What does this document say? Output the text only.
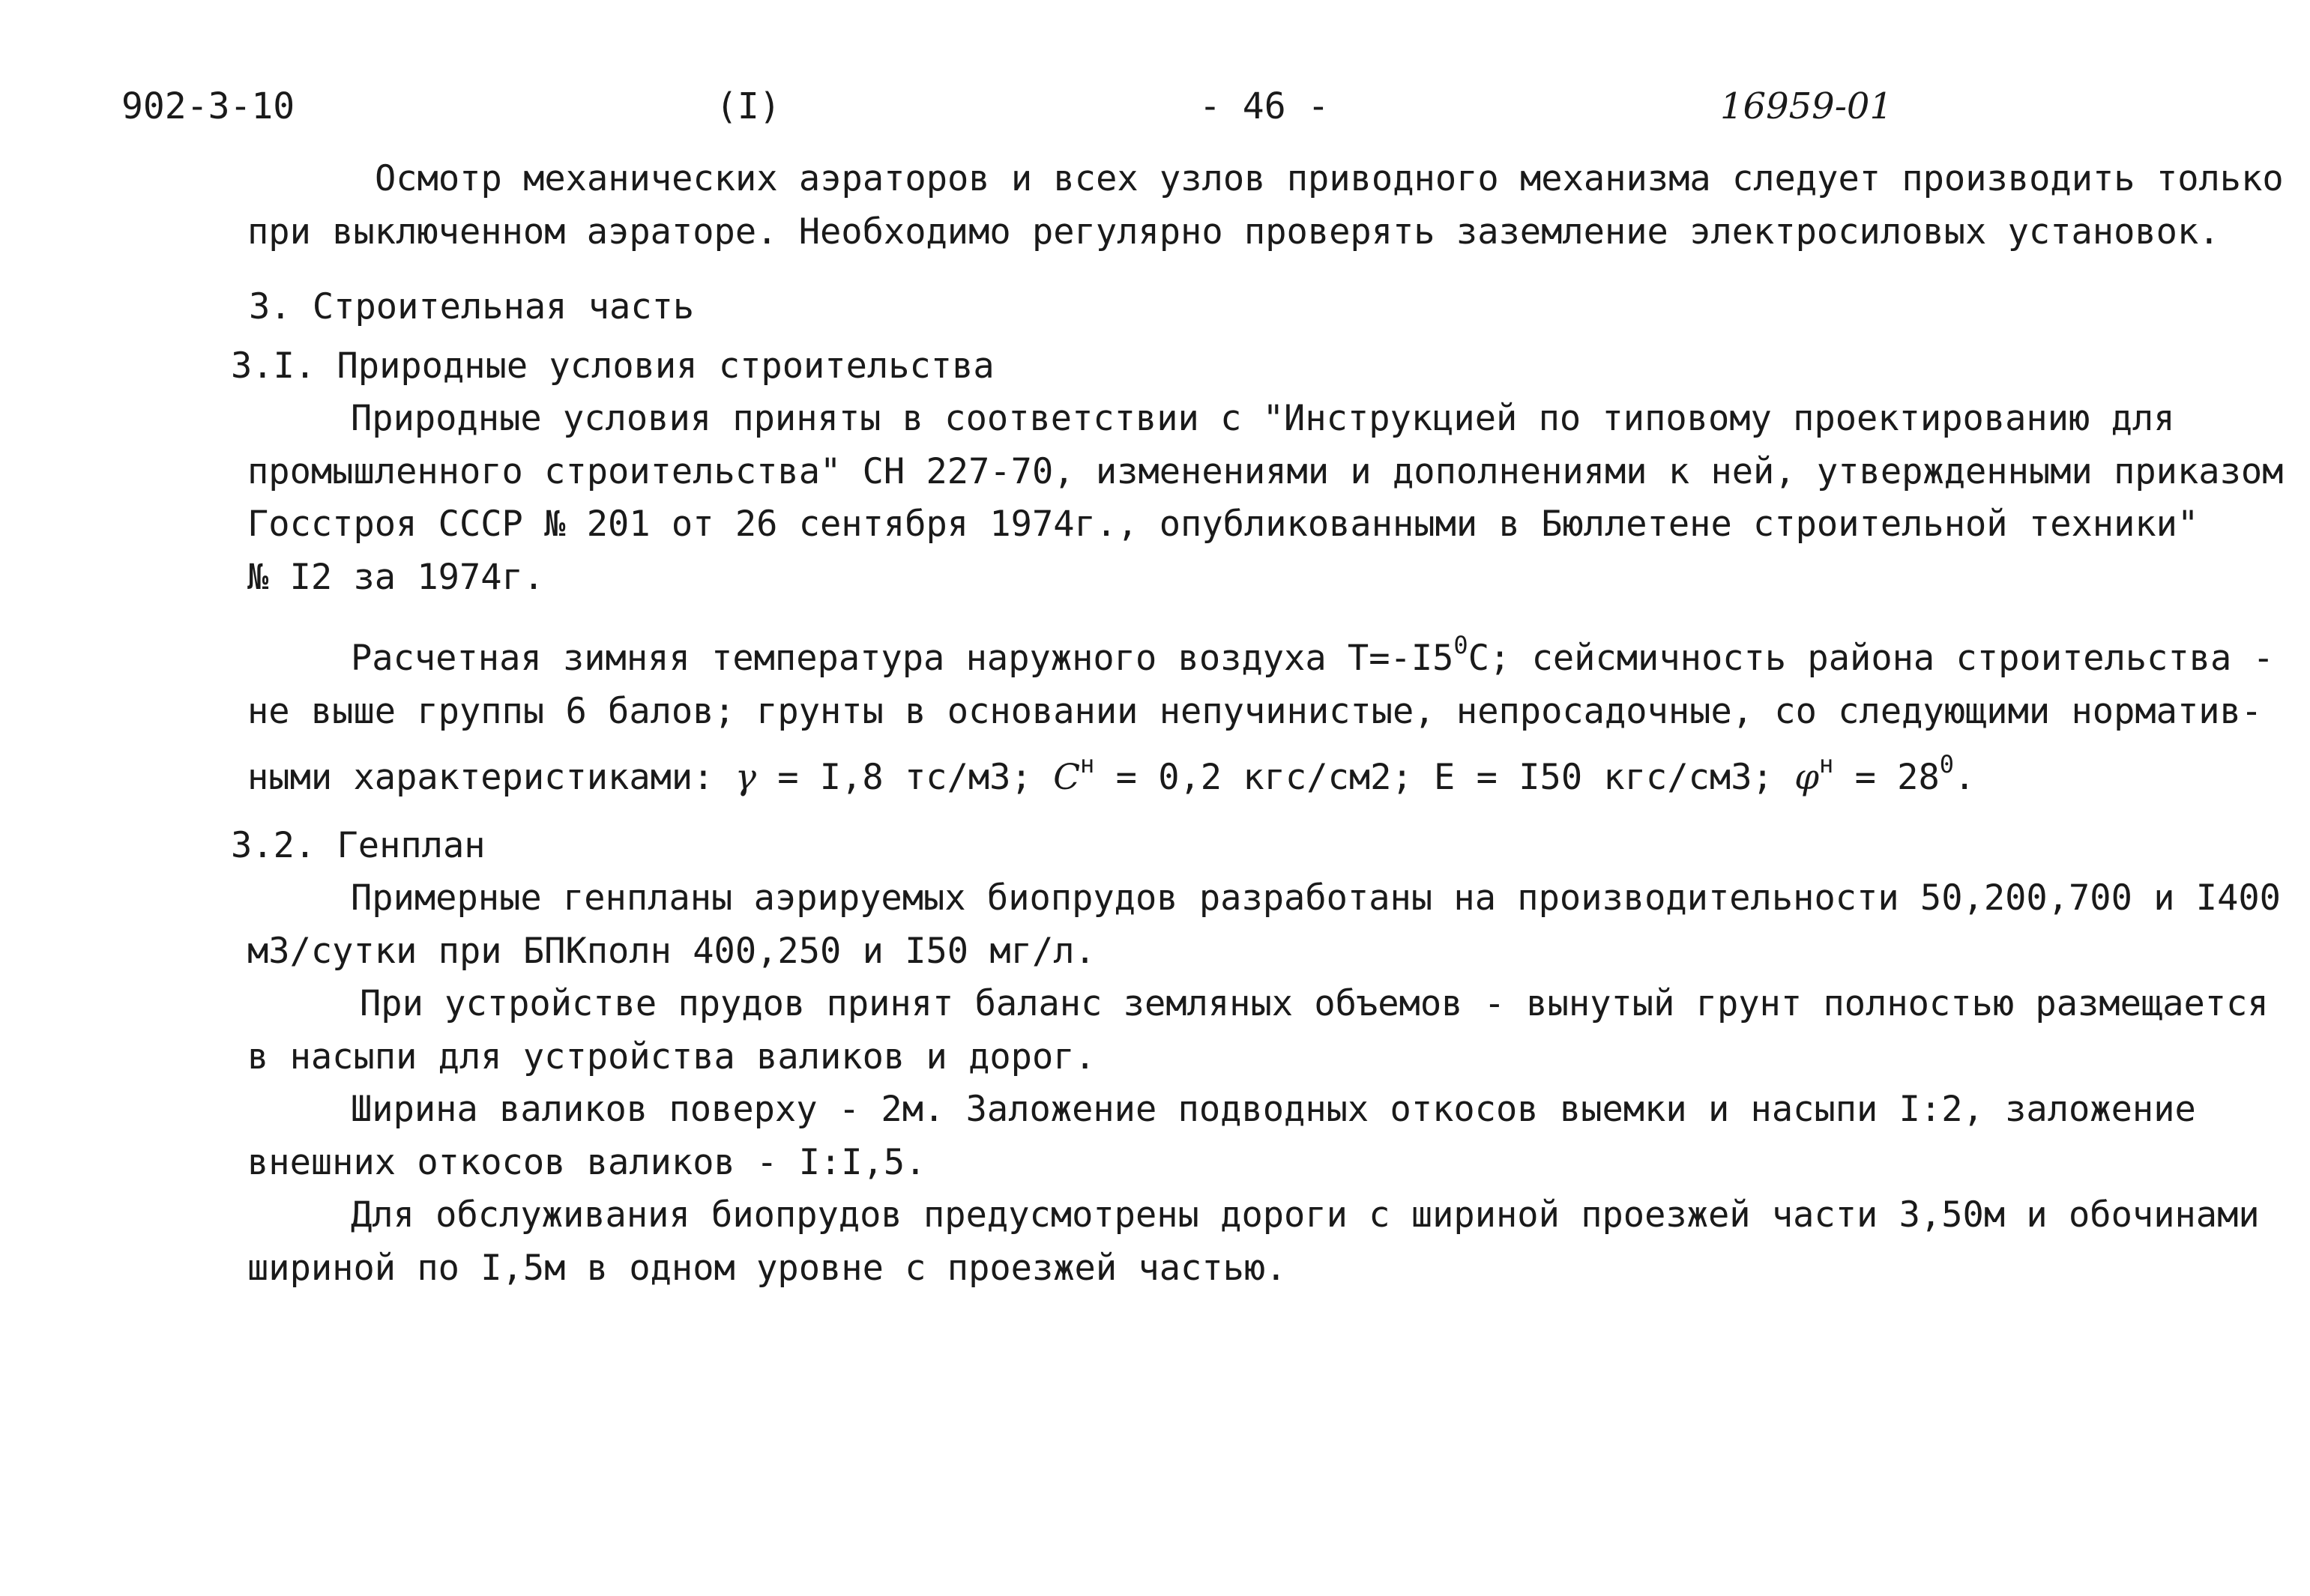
902-3-10	(I)	- 46 -	16959-01
Осмотр механических аэраторов и всех узлов приводного механизма следует производить только
при выключенном аэраторе. Необходимо регулярно проверять заземление электросиловых установок.
3. Строительная часть
3.I. Природные условия строительства
Природные условия приняты в соответствии с "Инструкцией по типовому проектированию для
промышленного строительства" СН 227-70, изменениями и дополнениями к ней, утвержденными приказом
Госстроя СССР № 201 от 26 сентября 1974г., опубликованными в Бюллетене строительной техники"
№ I2 за 1974г.
Расчетная зимняя температура наружного воздуха $Т=-I5^0С$; сейсмичность района строительства -
не выше группы 6 балов; грунты в основании непучинистые, непросадочные, со следующими норматив-
ными характеристиками: γ = I,8 тс/м3; $C^н = 0,2$ кгс/см2; Е = I50 кгс/см3; $\varphi^н = 28^0$.
3.2. Генплан
Примерные генпланы аэрируемых биопрудов разработаны на производительности 50,200,700 и I400
м3/сутки при БПКполн 400,250 и I50 мг/л.
При устройстве прудов принят баланс земляных объемов - вынутый грунт полностью размещается
в насыпи для устройства валиков и дорог.
Ширина валиков поверху - 2м. Заложение подводных откосов выемки и насыпи I:2, заложение
внешних откосов валиков - I:I,5.
Для обслуживания биопрудов предусмотрены дороги с шириной проезжей части 3,50м и обочинами
шириной по I,5м в одном уровне с проезжей частью.
